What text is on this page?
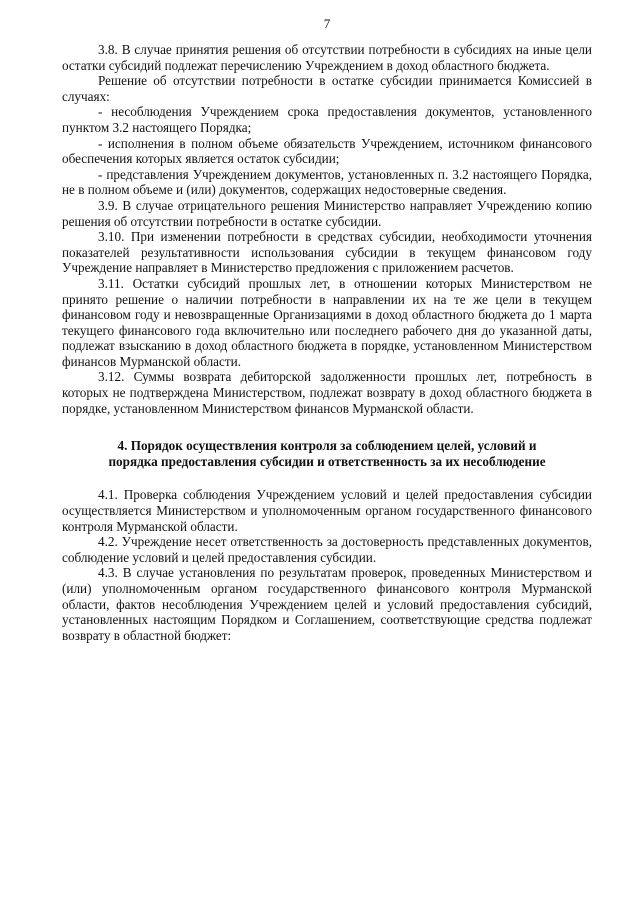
7

3.8. В случае принятия решения об отсутствии потребности в субсидиях на иные цели остатки субсидий подлежат перечислению Учреждением в доход областного бюджета.

Решение об отсутствии потребности в остатке субсидии принимается Комиссией в случаях:

- несоблюдения Учреждением срока предоставления документов, установленного пунктом 3.2 настоящего Порядка;

- исполнения в полном объеме обязательств Учреждением, источником финансового обеспечения которых является остаток субсидии;

- представления Учреждением документов, установленных п. 3.2 настоящего Порядка, не в полном объеме и (или) документов, содержащих недостоверные сведения.

3.9. В случае отрицательного решения Министерство направляет Учреждению копию решения об отсутствии потребности в остатке субсидии.

3.10. При изменении потребности в средствах субсидии, необходимости уточнения показателей результативности использования субсидии в текущем финансовом году Учреждение направляет в Министерство предложения с приложением расчетов.

3.11. Остатки субсидий прошлых лет, в отношении которых Министерством не принято решение о наличии потребности в направлении их на те же цели в текущем финансовом году и невозвращенные Организациями в доход областного бюджета до 1 марта текущего финансового года включительно или последнего рабочего дня до указанной даты, подлежат взысканию в доход областного бюджета в порядке, установленном Министерством финансов Мурманской области.

3.12. Суммы возврата дебиторской задолженности прошлых лет, потребность в которых не подтверждена Министерством, подлежат возврату в доход областного бюджета в порядке, установленном Министерством финансов Мурманской области.

4. Порядок осуществления контроля за соблюдением целей, условий и
порядка предоставления субсидии и ответственность за их несоблюдение

4.1. Проверка соблюдения Учреждением условий и целей предоставления субсидии осуществляется Министерством и уполномоченным органом государственного финансового контроля Мурманской области.

4.2. Учреждение несет ответственность за достоверность представленных документов, соблюдение условий и целей предоставления субсидии.

4.3. В случае установления по результатам проверок, проведенных Министерством и (или) уполномоченным органом государственного финансового контроля Мурманской области, фактов несоблюдения Учреждением целей и условий предоставления субсидий, установленных настоящим Порядком и Соглашением, соответствующие средства подлежат возврату в областной бюджет:
